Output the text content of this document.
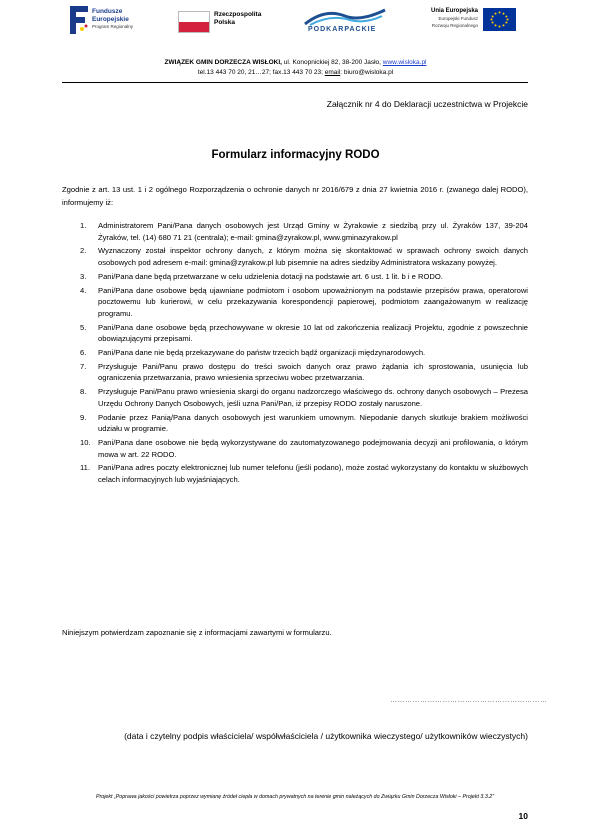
Fundusze
Europejskie
Program Regionalny
Rzeczpospolita
Polska
PODKARPACKIE
Unia Europejska
Europejski Fundusz
Rozwoju Regionalnego
ZWIĄZEK GMIN DORZECZA WISŁOKI, ul. Konopnickiej 82, 38-200 Jasło, www.wisloka.pl
tel.13 443 70 20, 21…27; fax.13 443 70 23; email: biuro@wisloka.pl
Załącznik nr 4 do Deklaracji uczestnictwa w Projekcie
Formularz informacyjny RODO
Zgodnie z art. 13 ust. 1 i 2 ogólnego Rozporządzenia o ochronie danych nr 2016/679 z dnia 27 kwietnia 2016 r. (zwanego dalej RODO), informujemy iż:
1. Administratorem Pani/Pana danych osobowych jest Urząd Gminy w Żyrakowie z siedzibą przy ul. Żyraków 137, 39-204 Żyraków, tel. (14) 680 71 21 (centrala); e-mail: gmina@zyrakow.pl, www.gminazyrakow.pl
2. Wyznaczony został inspektor ochrony danych, z którym można się skontaktować w sprawach ochrony swoich danych osobowych pod adresem e-mail: gmina@zyrakow.pl lub pisemnie na adres siedziby Administratora wskazany powyżej.
3. Pani/Pana dane będą przetwarzane w celu udzielenia dotacji na podstawie art. 6 ust. 1 lit. b i e RODO.
4. Pani/Pana dane osobowe będą ujawniane podmiotom i osobom upoważnionym na podstawie przepisów prawa, operatorowi pocztowemu lub kurierowi, w celu przekazywania korespondencji papierowej, podmiotom zaangażowanym w realizację programu.
5. Pani/Pana dane osobowe będą przechowywane w okresie 10 lat od zakończenia realizacji Projektu, zgodnie z powszechnie obowiązującymi przepisami.
6. Pani/Pana dane nie będą przekazywane do państw trzecich bądź organizacji międzynarodowych.
7. Przysługuje Pani/Panu prawo dostępu do treści swoich danych oraz prawo żądania ich sprostowania, usunięcia lub ograniczenia przetwarzania, prawo wniesienia sprzeciwu wobec przetwarzania.
8. Przysługuje Pani/Panu prawo wniesienia skargi do organu nadzorczego właściwego ds. ochrony danych osobowych – Prezesa Urzędu Ochrony Danych Osobowych, jeśli uzna Pani/Pan, iż przepisy RODO zostały naruszone.
9. Podanie przez Panią/Pana danych osobowych jest warunkiem umownym. Niepodanie danych skutkuje brakiem możliwości udziału w programie.
10. Pani/Pana dane osobowe nie będą wykorzystywane do zautomatyzowanego podejmowania decyzji ani profilowania, o którym mowa w art. 22 RODO.
11. Pani/Pana adres poczty elektronicznej lub numer telefonu (jeśli podano), może zostać wykorzystany do kontaktu w służbowych celach informacyjnych lub wyjaśniających.
Niniejszym potwierdzam zapoznanie się z informacjami zawartymi w formularzu.
………………………………………………………
(data i czytelny podpis właściciela/ współwłaściciela / użytkownika wieczystego/ użytkowników wieczystych)
Projekt „Poprawa jakości powietrza poprzez wymianę źródeł ciepła w domach prywatnych na terenie gmin należących do Związku Gmin Dorzecza Wisłoki – Projekt 3.3.2”
10
